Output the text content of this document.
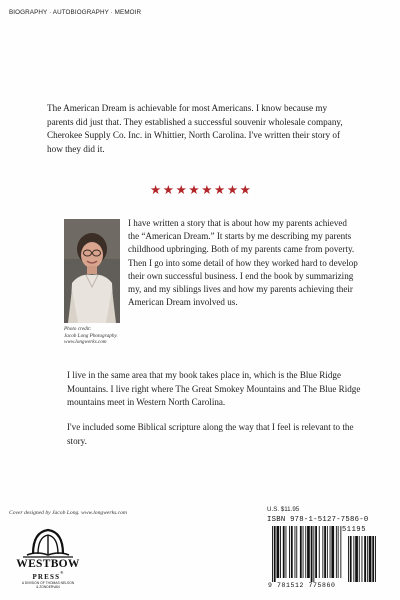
BIOGRAPHY · AUTOBIOGRAPHY · MEMOIR

The American Dream is achievable for most Americans. I know because my parents did just that. They established a successful souvenir wholesale company, Cherokee Supply Co. Inc. in Whittier, North Carolina. I've written their story of how they did it.

★★★★★★★★
Photo credit:
Jacob Long Photography.
www.longwerks.com

I have written a story that is about how my parents achieved the “American Dream.” It starts by me describing my parents childhood upbringing. Both of my parents came from poverty. Then I go into some detail of how they worked hard to develop their own successful business. I end the book by summarizing my, and my siblings lives and how my parents achieving their American Dream involved us.

I live in the same area that my book takes place in, which is the Blue Ridge Mountains. I live right where The Great Smokey Mountains and The Blue Ridge mountains meet in Western North Carolina.

I've included some Biblical scripture along the way that I feel is relevant to the story.

Cover designed by Jacob Long. www.longwerks.com
WESTBOW
PRESS®
A DIVISION OF THOMAS NELSON
& ZONDERVAN
U.S. $11.95
ISBN 978-1-5127-7586-0
51195
9 781512 775860
